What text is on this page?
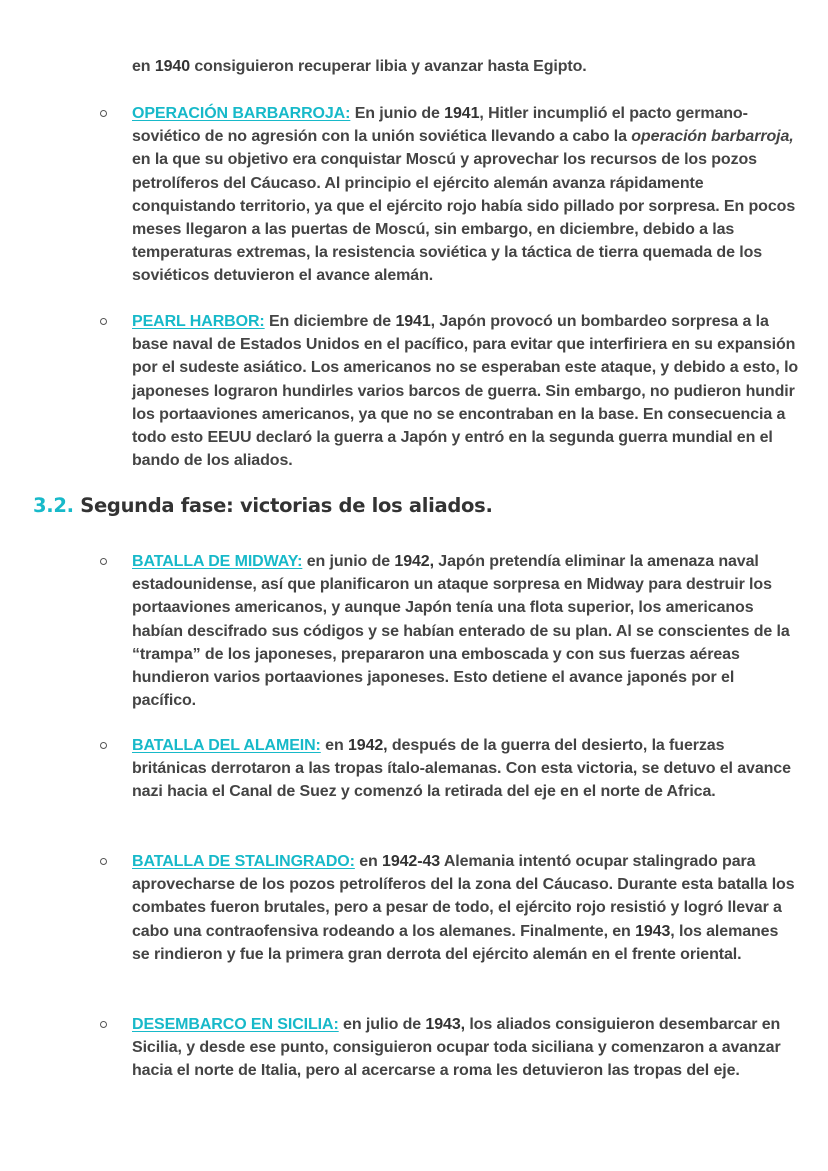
en 1940 consiguieron recuperar libia y avanzar hasta Egipto.
OPERACIÓN BARBARROJA: En junio de 1941, Hitler incumplió el pacto germano-soviético de no agresión con la unión soviética llevando a cabo la operación barbarroja, en la que su objetivo era conquistar Moscú y aprovechar los recursos de los pozos petrolíferos del Cáucaso. Al principio el ejército alemán avanza rápidamente conquistando territorio, ya que el ejército rojo había sido pillado por sorpresa. En pocos meses llegaron a las puertas de Moscú, sin embargo, en diciembre, debido a las temperaturas extremas, la resistencia soviética y la táctica de tierra quemada de los soviéticos detuvieron el avance alemán.
PEARL HARBOR: En diciembre de 1941, Japón provocó un bombardeo sorpresa a la base naval de Estados Unidos en el pacífico, para evitar que interfiriera en su expansión por el sudeste asiático. Los americanos no se esperaban este ataque, y debido a esto, lo japoneses lograron hundirles varios barcos de guerra. Sin embargo, no pudieron hundir los portaaviones americanos, ya que no se encontraban en la base. En consecuencia a todo esto EEUU declaró la guerra a Japón y entró en la segunda guerra mundial en el bando de los aliados.
3.2. Segunda fase: victorias de los aliados.
BATALLA DE MIDWAY: en junio de 1942, Japón pretendía eliminar la amenaza naval estadounidense, así que planificaron un ataque sorpresa en Midway para destruir los portaaviones americanos, y aunque Japón tenía una flota superior, los americanos habían descifrado sus códigos y se habían enterado de su plan. Al se conscientes de la “trampa” de los japoneses, prepararon una emboscada y con sus fuerzas aéreas hundieron varios portaaviones japoneses. Esto detiene el avance japonés por el pacífico.
BATALLA DEL ALAMEIN: en 1942, después de la guerra del desierto, la fuerzas británicas derrotaron a las tropas ítalo-alemanas. Con esta victoria, se detuvo el avance nazi hacia el Canal de Suez y comenzó la retirada del eje en el norte de Africa.
BATALLA DE STALINGRADO: en 1942-43 Alemania intentó ocupar stalingrado para aprovecharse de los pozos petrolíferos del la zona del Cáucaso. Durante esta batalla los combates fueron brutales, pero a pesar de todo, el ejército rojo resistió y logró llevar a cabo una contraofensiva rodeando a los alemanes. Finalmente, en 1943, los alemanes se rindieron y fue la primera gran derrota del ejército alemán en el frente oriental.
DESEMBARCO EN SICILIA: en julio de 1943, los aliados consiguieron desembarcar en Sicilia, y desde ese punto, consiguieron ocupar toda siciliana y comenzaron a avanzar hacia el norte de Italia, pero al acercarse a roma les detuvieron las tropas del eje.
